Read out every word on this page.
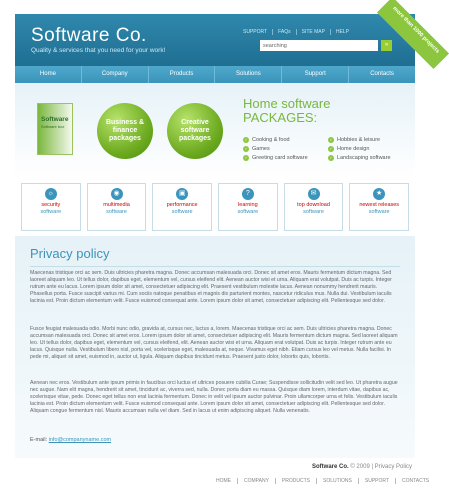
Software Co.
Quality & services that you need for your work!
SUPPORT	FAQs	SITE MAP	HELP
searching
» more than 1000 projects
Home	Company	Products	Solutions	Support	Contacts
Software
Software box
Business & finance packages
Creative software packages
Home software
PACKAGES:
✓ Cooking & food	✓ Hobbies & leisure
✓ Games	✓ Home design
✓ Greeting card software	✓ Landscaping software
☼
security
software
◉
multimedia
software
▣
performance
software
?
learning
software
✉
top download
software
★
newest releases
software
Privacy policy
Maecenas tristique orci ac sem. Duis ultricies pharetra magna. Donec accumsan malesuada orci. Donec sit amet eros. Mauris fermentum dictum magna. Sed laoreet aliquam leo. Ut tellus dolor, dapibus eget, elementum vel, cursus eleifend elit. Aenean auctor wisi et urna. Aliquam erat volutpat. Duis ac turpis. Integer rutrum ante eu lacus. Lorem ipsum dolor sit amet, consectetuer adipiscing elit. Praesent vestibulum molestie lacus. Aenean nonummy hendrerit mauris. Phasellus porta. Fusce suscipit varius mi. Cum sociis natoque penatibus et magnis dis parturient montes, nascetur ridiculus mus. Nulla dui. Vestibulum iaculis lacinia est. Proin dictum elementum velit. Fusce euismod consequat ante. Lorem ipsum dolor sit amet, consectetuer adipiscing elit. Pellentesque sed dolor.
Fusce feugiat malesuada odio. Morbi nunc odio, gravida at, cursus nec, luctus a, lorem. Maecenas tristique orci ac sem. Duis ultricies pharetra magna. Donec accumsan malesuada orci. Donec sit amet eros. Lorem ipsum dolor sit amet, consectetuer adipiscing elit. Mauris fermentum dictum magna. Sed laoreet aliquam leo. Ut tellus dolor, dapibus eget, elementum vel, cursus eleifend, elit. Aenean auctor wisi et urna. Aliquam erat volutpat. Duis ac turpis. Integer rutrum ante eu lacus. Quisque nulla. Vestibulum libero nisl, porta vel, scelerisque eget, malesuada at, neque. Vivamus eget nibh. Etiam cursus leo vel metus. Nulla facilisi. In pede mi, aliquet sit amet, euismod in, auctor ut, ligula. Aliquam dapibus tincidunt metus. Praesent justo dolor, lobortis quis, lobortis.
Aenean nec eros. Vestibulum ante ipsum primis in faucibus orci luctus et ultrices posuere cubilia Curae; Suspendisse sollicitudin velit sed leo. Ut pharetra augue nec augue. Nam elit magna, hendrerit sit amet, tincidunt ac, viverra sed, nulla. Donec porta diam eu massa. Quisque diam lorem, interdum vitae, dapibus ac, scelerisque vitae, pede. Donec eget tellus non erat lacinia fermentum. Donec in velit vel ipsum auctor pulvinar. Proin ullamcorper urna et felis. Vestibulum iaculis lacinia est. Proin dictum elementum velit. Fusce euismod consequat ante. Lorem ipsum dolor sit amet, consectetuer adipiscing elit. Pellentesque sed dolor. Aliquam congue fermentum nisl. Mauris accumsan nulla vel diam. Sed in lacus ut enim adipiscing aliquet. Nulla venenatis.
E-mail: info@companyname.com
Software Co. © 2009 | Privacy Policy
HOME	COMPANY	PRODUCTS	SOLUTIONS	SUPPORT	CONTACTS
